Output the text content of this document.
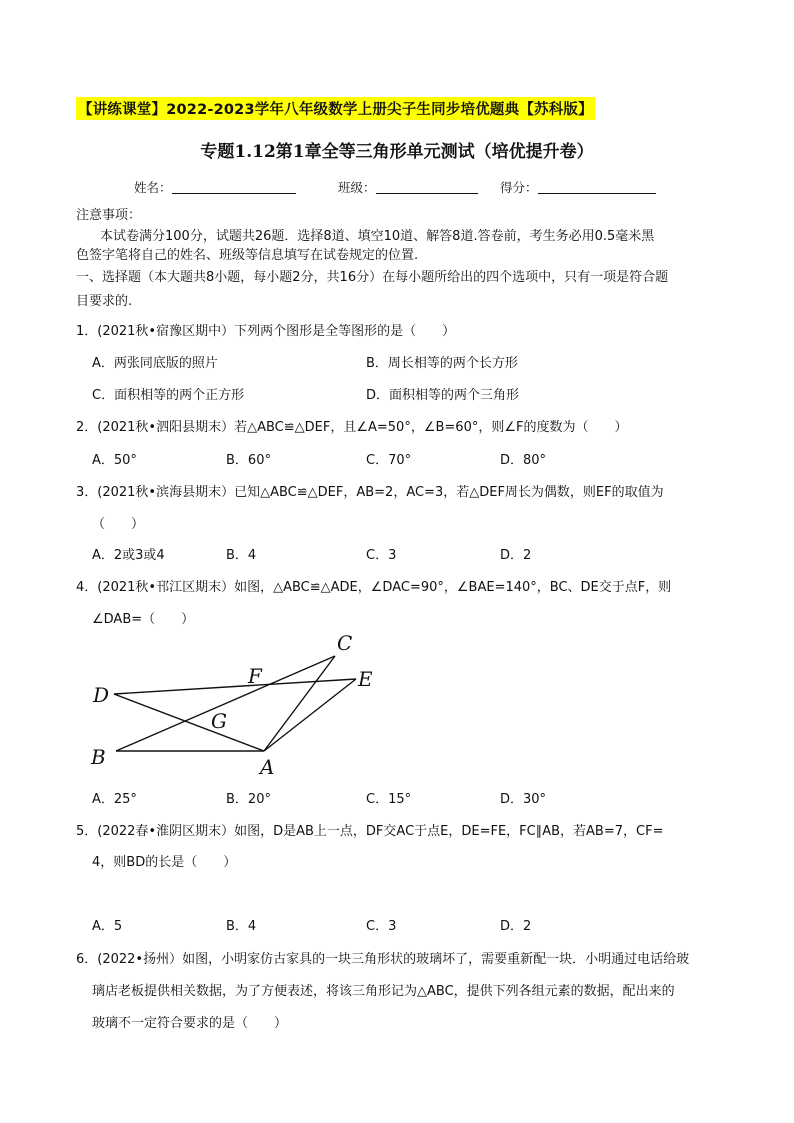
【讲练课堂】2022-2023学年八年级数学上册尖子生同步培优题典【苏科版】
专题1.12第1章全等三角形单元测试（培优提升卷）
姓名：	班级：	得分：
注意事项：
本试卷满分100分，试题共26题．选择8道、填空10道、解答8道.答卷前，考生务必用0.5毫米黑
色签字笔将自己的姓名、班级等信息填写在试卷规定的位置.
一、选择题（本大题共8小题，每小题2分，共16分）在每小题所给出的四个选项中，只有一项是符合题
目要求的.
1．(2021秋•宿豫区期中）下列两个图形是全等图形的是（　　）
A．两张同底版的照片	B．周长相等的两个长方形
C．面积相等的两个正方形	D．面积相等的两个三角形
2．(2021秋•泗阳县期末）若△ABC≌△DEF，且∠A=50°，∠B=60°，则∠F的度数为（　　）
A．50°	B．60°	C．70°	D．80°
3．(2021秋•滨海县期末）已知△ABC≌△DEF，AB=2，AC=3，若△DEF周长为偶数，则EF的取值为
（　　）
A．2或3或4	B．4	C．3	D．2
4．(2021秋•邗江区期末）如图，△ABC≌△ADE，∠DAC=90°，∠BAE=140°，BC、DE交于点F，则
∠DAB=（　　）
C
E
F
D
G
B	A
A．25°	B．20°	C．15°	D．30°
5．(2022春•淮阴区期末）如图，D是AB上一点，DF交AC于点E，DE=FE，FC∥AB，若AB=7，CF=
4，则BD的长是（　　）
A．5	B．4	C．3	D．2
6．(2022•扬州）如图，小明家仿古家具的一块三角形状的玻璃坏了，需要重新配一块．小明通过电话给玻
璃店老板提供相关数据，为了方便表述，将该三角形记为△ABC，提供下列各组元素的数据，配出来的
玻璃不一定符合要求的是（　　）
